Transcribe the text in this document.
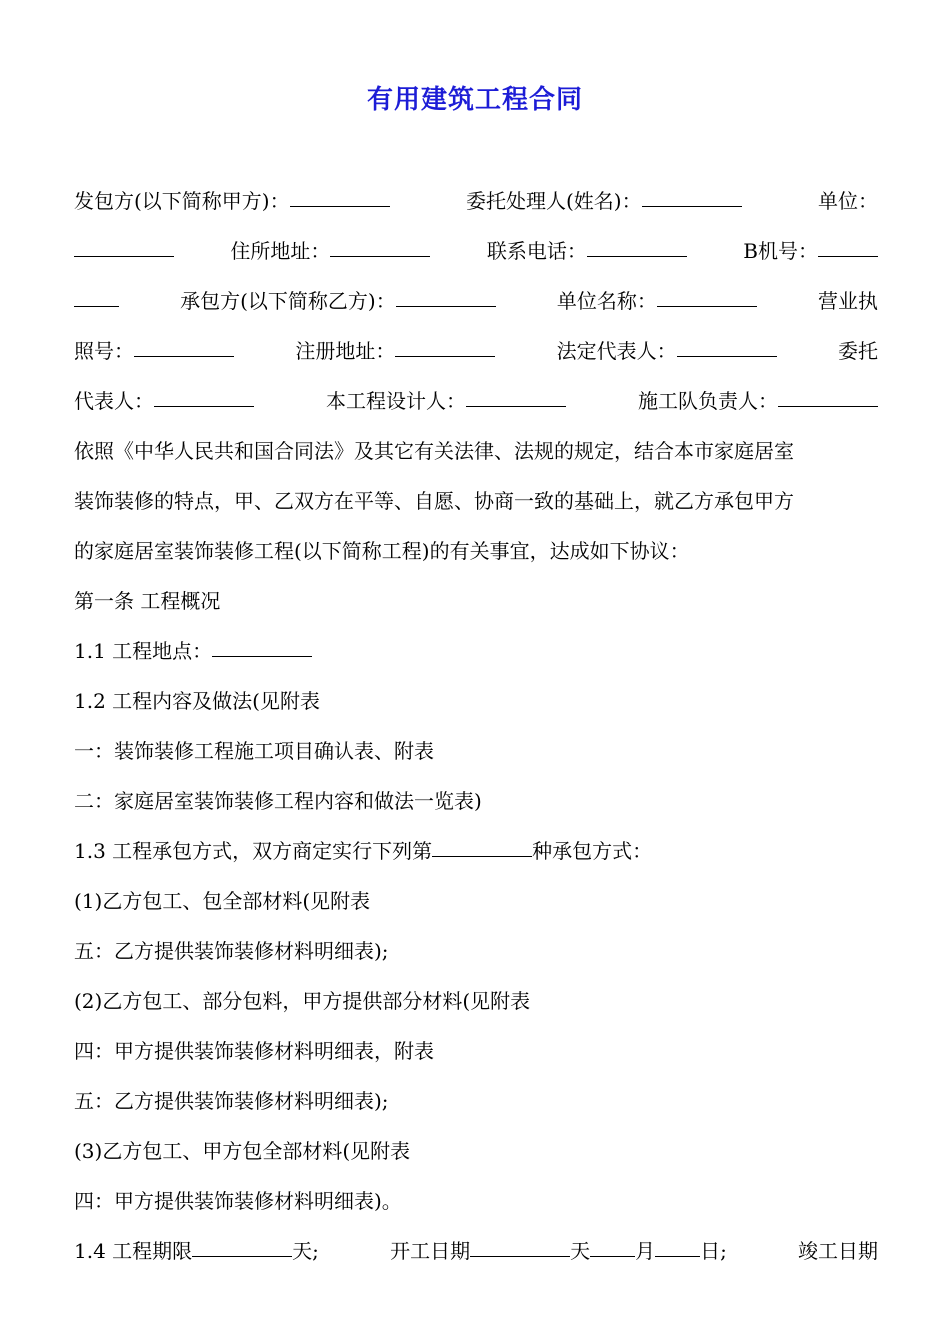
有用建筑工程合同
发包方(以下简称甲方)：	委托处理人(姓名)：	单位：
住所地址：	联系电话：	B机号：
承包方(以下简称乙方)：	单位名称：	营业执
照号：	注册地址：	法定代表人：	委托
代表人：	本工程设计人：	施工队负责人：
依照《中华人民共和国合同法》及其它有关法律、法规的规定，结合本市家庭居室
装饰装修的特点，甲、乙双方在平等、自愿、协商一致的基础上，就乙方承包甲方
的家庭居室装饰装修工程(以下简称工程)的有关事宜，达成如下协议：
第一条 工程概况
1.1 工程地点：
1.2 工程内容及做法(见附表
一：装饰装修工程施工项目确认表、附表
二：家庭居室装饰装修工程内容和做法一览表)
1.3 工程承包方式，双方商定实行下列第	种承包方式：
(1)乙方包工、包全部材料(见附表
五：乙方提供装饰装修材料明细表);
(2)乙方包工、部分包料，甲方提供部分材料(见附表
四：甲方提供装饰装修材料明细表，附表
五：乙方提供装饰装修材料明细表);
(3)乙方包工、甲方包全部材料(见附表
四：甲方提供装饰装修材料明细表)。
1.4 工程期限	天;	开工日期	天 月 日;	竣工日期
